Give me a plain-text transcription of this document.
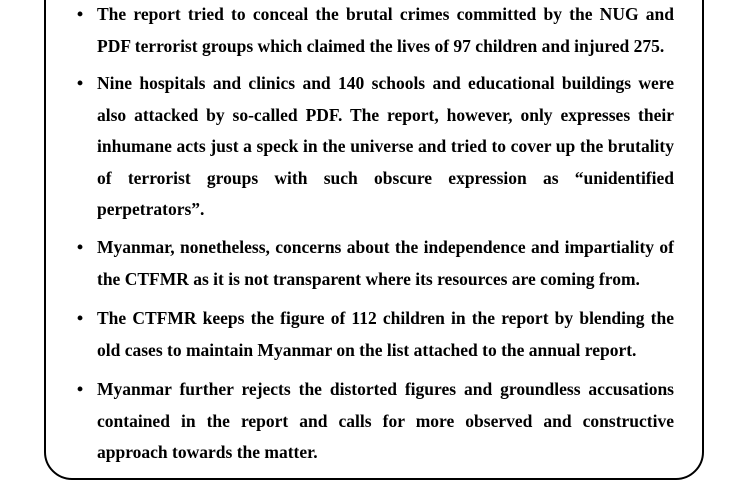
• The report tried to conceal the brutal crimes committed by the NUG and PDF terrorist groups which claimed the lives of 97 children and injured 275.
• Nine hospitals and clinics and 140 schools and educational buildings were also attacked by so-called PDF. The report, however, only expresses their inhumane acts just a speck in the universe and tried to cover up the brutality of terrorist groups with such obscure expression as “unidentified perpetrators”.
• Myanmar, nonetheless, concerns about the independence and impartiality of the CTFMR as it is not transparent where its resources are coming from.
• The CTFMR keeps the figure of 112 children in the report by blending the old cases to maintain Myanmar on the list attached to the annual report.
• Myanmar further rejects the distorted figures and groundless accusations contained in the report and calls for more observed and constructive approach towards the matter.
